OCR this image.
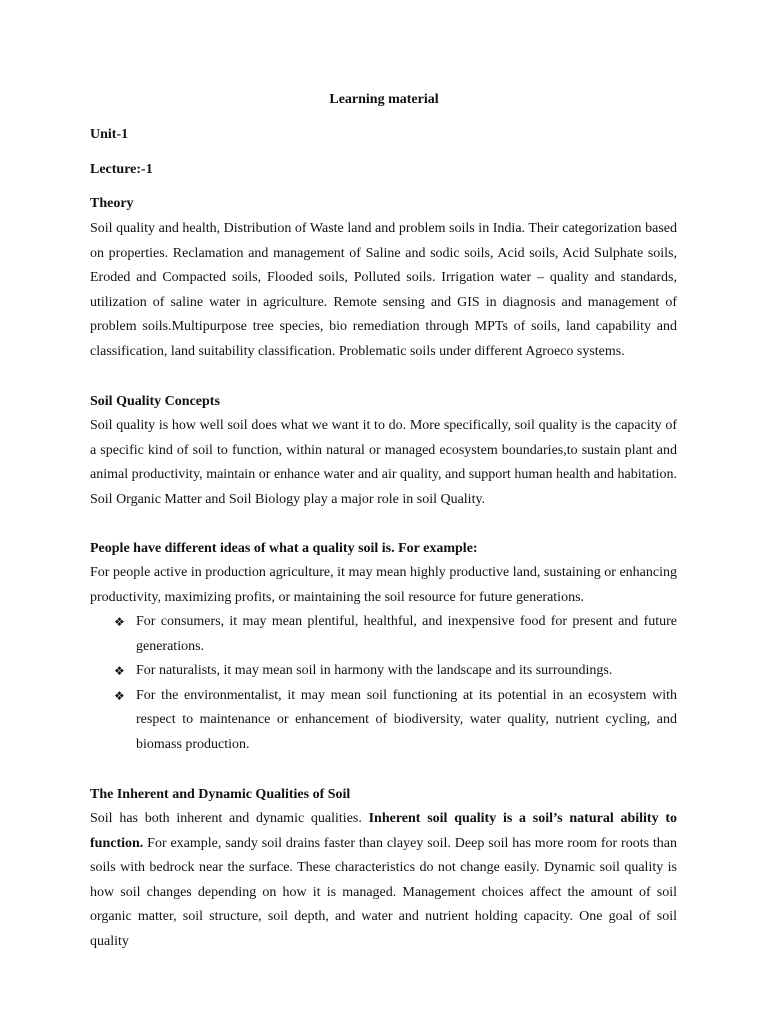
Learning material
Unit-1
Lecture:-1
Theory
Soil quality and health, Distribution of Waste land and problem soils in India. Their categorization based on properties. Reclamation and management of Saline and sodic soils, Acid soils, Acid Sulphate soils, Eroded and Compacted soils, Flooded soils, Polluted soils. Irrigation water – quality and standards, utilization of saline water in agriculture. Remote sensing and GIS in diagnosis and management of problem soils.Multipurpose tree species, bio remediation through MPTs of soils, land capability and classification, land suitability classification. Problematic soils under different Agroeco systems.
Soil Quality Concepts
Soil quality is how well soil does what we want it to do. More specifically, soil quality is the capacity of a specific kind of soil to function, within natural or managed ecosystem boundaries,to sustain plant and animal productivity, maintain or enhance water and air quality, and support human health and habitation. Soil Organic Matter and Soil Biology play a major role in soil Quality.
People have different ideas of what a quality soil is. For example:
For people active in production agriculture, it may mean highly productive land, sustaining or enhancing productivity, maximizing profits, or maintaining the soil resource for future generations.
❖ For consumers, it may mean plentiful, healthful, and inexpensive food for present and future generations.
❖ For naturalists, it may mean soil in harmony with the landscape and its surroundings.
❖ For the environmentalist, it may mean soil functioning at its potential in an ecosystem with respect to maintenance or enhancement of biodiversity, water quality, nutrient cycling, and biomass production.
The Inherent and Dynamic Qualities of Soil
Soil has both inherent and dynamic qualities. Inherent soil quality is a soil’s natural ability to function. For example, sandy soil drains faster than clayey soil. Deep soil has more room for roots than soils with bedrock near the surface. These characteristics do not change easily. Dynamic soil quality is how soil changes depending on how it is managed. Management choices affect the amount of soil organic matter, soil structure, soil depth, and water and nutrient holding capacity. One goal of soil quality
